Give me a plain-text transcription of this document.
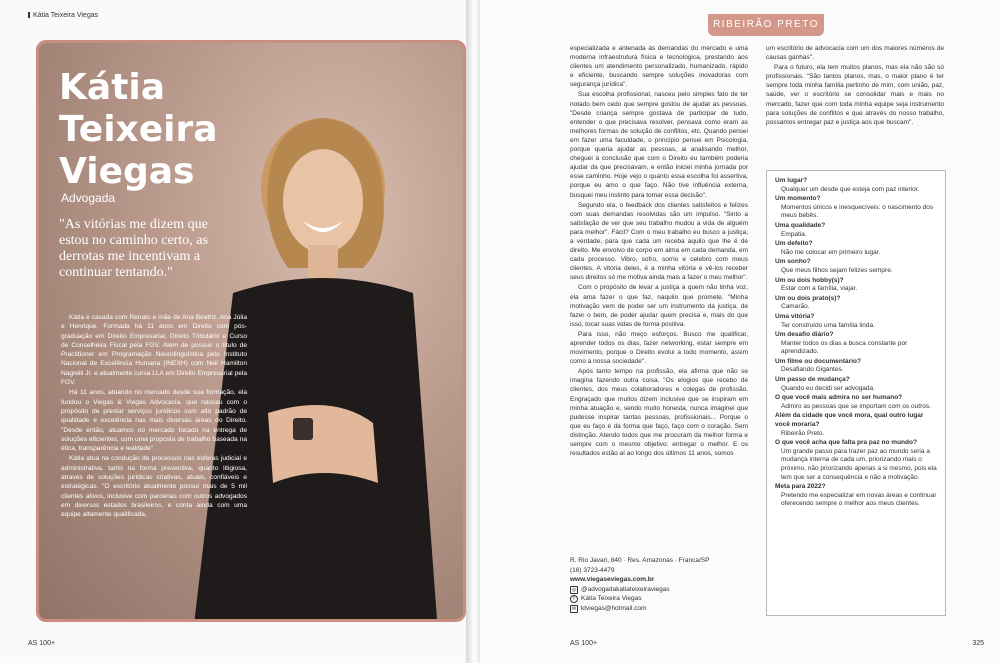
Kátia Teixeira Viegas
Kátia
Teixeira
Viegas
Advogada
"As vitórias me dizem que estou no caminho certo, as derrotas me incentivam a continuar tentando."

Kátia é casada com Renato e mãe de Ana Beatriz, Ana Júlia e Henrique. Formada há 11 anos em Direito com pós-graduação em Direito Empresarial, Direito Tributário e Curso de Conselheira Fiscal pela FGV. Além de possuir o título de Practitioner em Programação Neurolinguística pelo Instituto Nacional de Excelência Humana (INEXH) com Neil Hamilton Nagrelli Jr. e atualmente cursa LLA em Direito Empresarial pela FGV.

Há 11 anos, atuando no mercado desde sua formação, ela fundou o Viegas & Viegas Advocacia, que nasceu com o propósito de prestar serviços jurídicos com alto padrão de qualidade e excelência nas mais diversas áreas do Direito. "Desde então, atuamos no mercado focado na entrega de soluções eficientes, com uma proposta de trabalho baseada na ética, transparência e lealdade".

Kátia atua na condução de processos nas esferas judicial e administrativa, tanto na forma preventiva, quanto litigiosa, através de soluções jurídicas criativas, atuais, confiáveis e estratégicas. "O escritório atualmente possui mais de 5 mil clientes ativos, inclusive com parcerias com outros advogados em diversos estados brasileiros, e conta ainda com uma equipe altamente qualificada,

AS 100+
RIBEIRÃO PRETO

especializada e antenada às demandas do mercado e uma moderna infraestrutura física e tecnológica, prestando aos clientes um atendimento personalizado, humanizado, rápido e eficiente, buscando sempre soluções inovadoras com segurança jurídica".

Sua escolha profissional, nasceu pelo simples fato de ter notado bem cedo que sempre gostou de ajudar as pessoas. "Desde criança sempre gostava de participar de tudo, entender o que precisava resolver, pensava como eram as melhores formas de solução de conflitos, etc. Quando pensei em fazer uma faculdade, o princípio pensei em Psicologia, porque queria ajudar as pessoas, ai analisando melhor, cheguei à conclusão que com o Direito eu também poderia ajudar da que precisavam, e então iniciei minha jornada por esse caminho. Hoje vejo o quanto essa escolha foi assertiva, porque eu amo o que faço. Não tive influência externa, busquei meu instinto para tomar essa decisão".

Segundo ela, o feedback dos clientes satisfeitos e felizes com suas demandas resolvidas são um impulso. "Sinto a satisfação de ver que seu trabalho mudou a vida de alguém para melhor". Fácil? Com o meu trabalho eu busco a justiça, a verdade, para que cada um receba aquilo que lhe é de direito. Me envolvo de corpo em alma em cada demanda, em cada processo. Vibro, sofro, sorrio e celebro com meus clientes. A vitória deles, é a minha vitória e vê-los receber seus direitos só me motiva ainda mais a fazer o meu melhor".

Com o propósito de levar a justiça a quem não tinha voz, ela ama fazer o que faz, naquilo que promete. "Minha motivação vem de poder ser um instrumento da justiça, de fazer o bem, de poder ajudar quem precisa e, mais do que isso, tocar suas vidas de forma positiva.

Para isso, não meço esforços. Busco me qualificar, aprender todos os dias, fazer networking, estar sempre em movimento, porque o Direito evolui a todo momento, assim como a nossa sociedade".

Após tanto tempo na profissão, ela afirma que não se imagina fazendo outra coisa. "Os elogios que recebo de clientes, dos meus colaboradores e colegas de profissão. Engraçado que muitos dizem inclusive que se inspiram em minha atuação e, sendo muito honesta, nunca imaginei que pudesse inspirar tantas pessoas, profissionais... Porque o que eu faço é da forma que faço, faço com o coração. Sem distinção. Atendo todos que me procuram da melhor forma e sempre com o mesmo objetivo: entregar o melhor. E os resultados estão aí ao longo dos últimos 11 anos, somos

R. Rio Javari, 840 · Res. Amazonas · Franca/SP
(16) 3723-4479
www.viegaseviegas.com.br
◎ @advogadakatiateixeiraviegas
f Kátia Teixeira Viegas
✉ ktviegas@hotmail.com

um escritório de advocacia com um dos maiores números de causas ganhas".

Para o futuro, ela tem muitos planos, mas ela não são só profissionais. "São tantos planos, mas, o maior plano é ter sempre toda minha família pertinho de mim, com união, paz, saúde, ver o escritório se consolidar mais e mais no mercado, fazer que com toda minha equipe seja instrumento para soluções de conflitos e que através do nosso trabalho, possamos entregar paz e justiça aos que buscam".

Um lugar?
Qualquer um desde que esteja com paz interior.
Um momento?
Momentos únicos e inesquecíveis: o nascimento dos meus bebês.
Uma qualidade?
Empatia.
Um defeito?
Não me colocar em primeiro lugar.
Um sonho?
Que meus filhos sejam felizes sempre.
Um ou dois hobby(s)?
Estar com a família, viajar.
Um ou dois prato(s)?
Camarão.
Uma vitória?
Ter construído uma família linda.
Um desafio diário?
Manter todos os dias a busca constante por aprendizado.
Um filme ou documentário?
Desafiando Gigantes.
Um passo de mudança?
Quando eu decidi ser advogada.
O que você mais admira no ser humano?
Admiro as pessoas que se importam com os outros.
Além da cidade que você mora, qual outro lugar você moraria?
Ribeirão Preto.
O que você acha que falta pra paz no mundo?
Um grande passo para trazer paz ao mundo seria a mudança interna de cada um, priorizando mais o próximo, não priorizando apenas a si mesmo, pois ela tem que ser a consequência e não a motivação.
Meta para 2022?
Pretendo me especializar em novas áreas e continuar oferecendo sempre o melhor aos meus clientes.
AS 100+	325
